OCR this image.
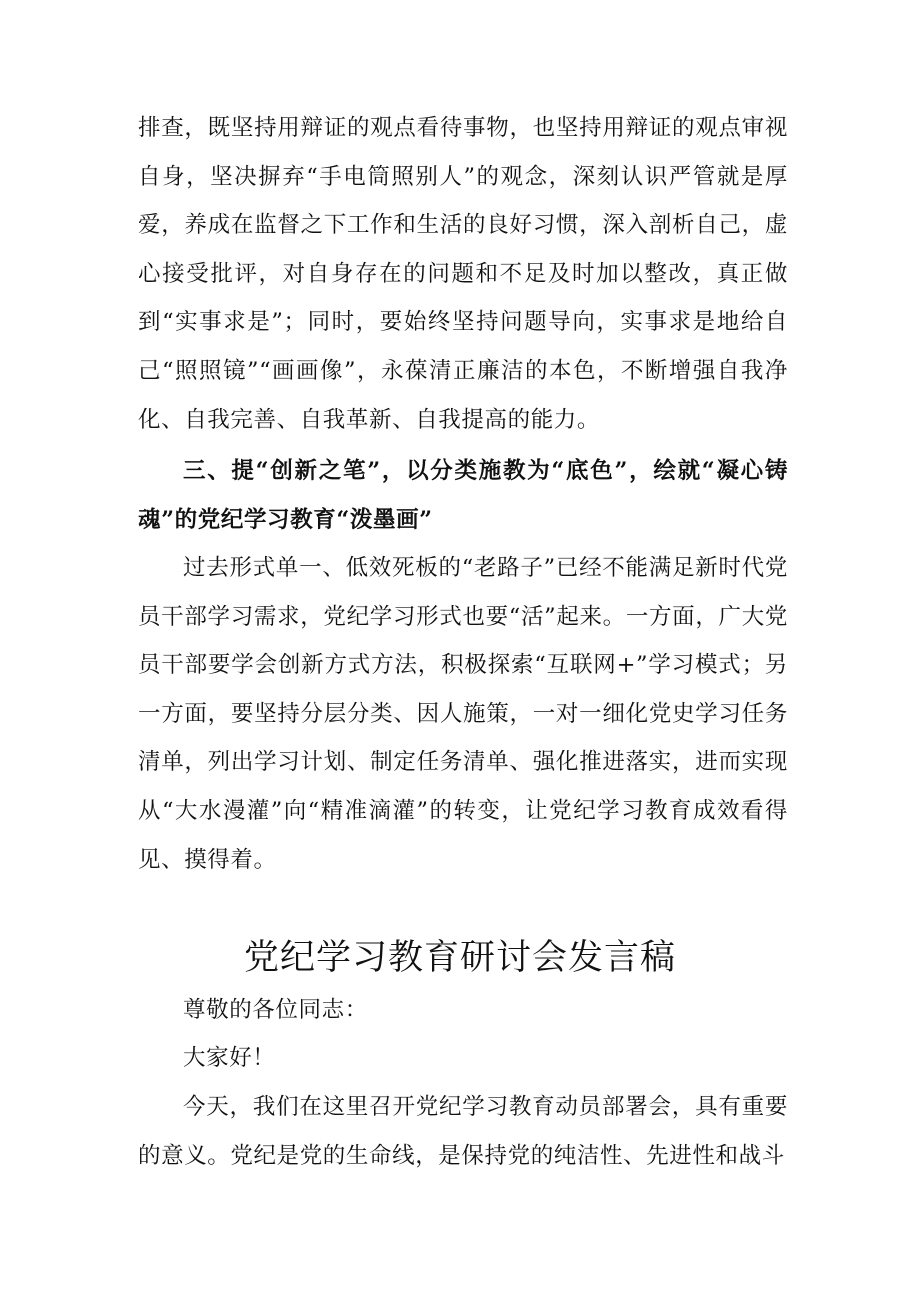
排查，既坚持用辩证的观点看待事物，也坚持用辩证的观点审视自身，坚决摒弃“手电筒照别人”的观念，深刻认识严管就是厚爱，养成在监督之下工作和生活的良好习惯，深入剖析自己，虚心接受批评，对自身存在的问题和不足及时加以整改，真正做到“实事求是”；同时，要始终坚持问题导向，实事求是地给自己“照照镜”“画画像”，永葆清正廉洁的本色，不断增强自我净化、自我完善、自我革新、自我提高的能力。

三、提“创新之笔”，以分类施教为“底色”，绘就“凝心铸魂”的党纪学习教育“泼墨画”

过去形式单一、低效死板的“老路子”已经不能满足新时代党员干部学习需求，党纪学习形式也要“活”起来。一方面，广大党员干部要学会创新方式方法，积极探索“互联网+”学习模式；另一方面，要坚持分层分类、因人施策，一对一细化党史学习任务清单，列出学习计划、制定任务清单、强化推进落实，进而实现从“大水漫灌”向“精准滴灌”的转变，让党纪学习教育成效看得见、摸得着。

党纪学习教育研讨会发言稿

尊敬的各位同志：

大家好！

今天，我们在这里召开党纪学习教育动员部署会，具有重要的意义。党纪是党的生命线，是保持党的纯洁性、先进性和战斗
